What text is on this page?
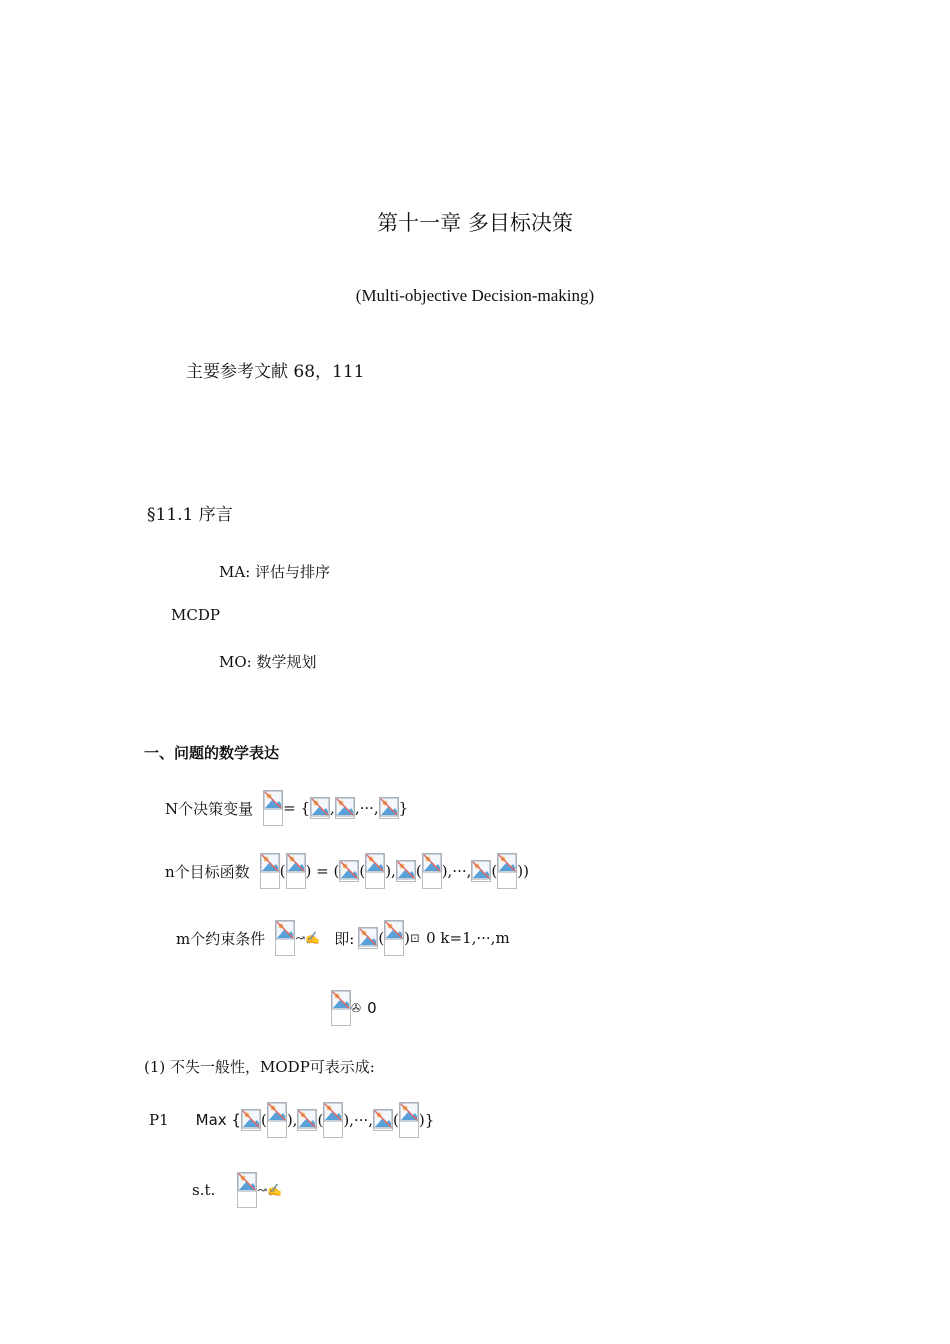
第十一章 多目标决策
(Multi-objective Decision-making)
主要参考文献 68，111
§11.1 序言
MA: 评估与排序
MCDP
MO: 数学规划
一、问题的数学表达
N个决策变量 = { , ,···, }
n个目标函数 ( ) = ( ( ), ( ),···, ( ))
m个约束条件	↝ ✍ 即: ( ) ⊡ 0 k=1,···,m
✇ 0
(1) 不失一般性，MODP可表示成:
P1 Max { ( ), ( ),···, ( )}
s.t.	↝ ✍
